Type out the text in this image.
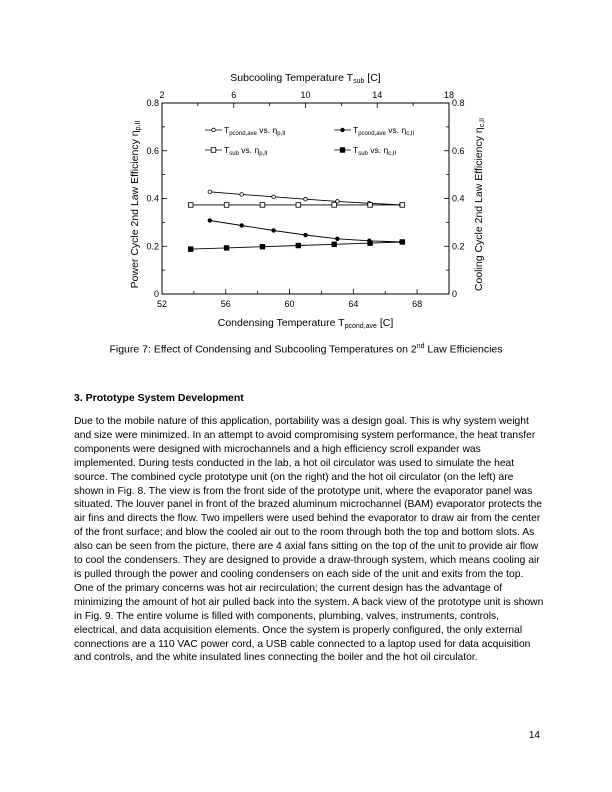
52	56	60	64	68
2	6	10	14	18
0
0.2
0.4
0.6
0.8
0
0.2
0.4
0.6
0.8
Subcooling Temperature Tsub [C]
Condensing Temperature Tpcond,ave [C]
Power Cycle 2nd Law Efficiency ηp,II
Cooling Cycle 2nd Law Efficiency ηc,II
$T_{pcond,ave}$ vs. $\eta_{p,II}$	$T_{pcond,ave}$ vs. $\eta_{c,II}$
$T_{sub}$ vs. $\eta_{p,II}$	$T_{sub}$ vs. $\eta_{c,II}$
Figure 7: Effect of Condensing and Subcooling Temperatures on 2nd Law Efficiencies
3. Prototype System Development

Due to the mobile nature of this application, portability was a design goal. This is why system weight and size were minimized. In an attempt to avoid compromising system performance, the heat transfer components were designed with microchannels and a high efficiency scroll expander was implemented. During tests conducted in the lab, a hot oil circulator was used to simulate the heat source. The combined cycle prototype unit (on the right) and the hot oil circulator (on the left) are shown in Fig. 8. The view is from the front side of the prototype unit, where the evaporator panel was situated. The louver panel in front of the brazed aluminum microchannel (BAM) evaporator protects the air fins and directs the flow. Two impellers were used behind the evaporator to draw air from the center of the front surface; and blow the cooled air out to the room through both the top and bottom slots. As also can be seen from the picture, there are 4 axial fans sitting on the top of the unit to provide air flow to cool the condensers. They are designed to provide a draw-through system, which means cooling air is pulled through the power and cooling condensers on each side of the unit and exits from the top. One of the primary concerns was hot air recirculation; the current design has the advantage of minimizing the amount of hot air pulled back into the system. A back view of the prototype unit is shown in Fig. 9. The entire volume is filled with components, plumbing, valves, instruments, controls, electrical, and data acquisition elements. Once the system is properly configured, the only external connections are a 110 VAC power cord, a USB cable connected to a laptop used for data acquisition and controls, and the white insulated lines connecting the boiler and the hot oil circulator.

14
